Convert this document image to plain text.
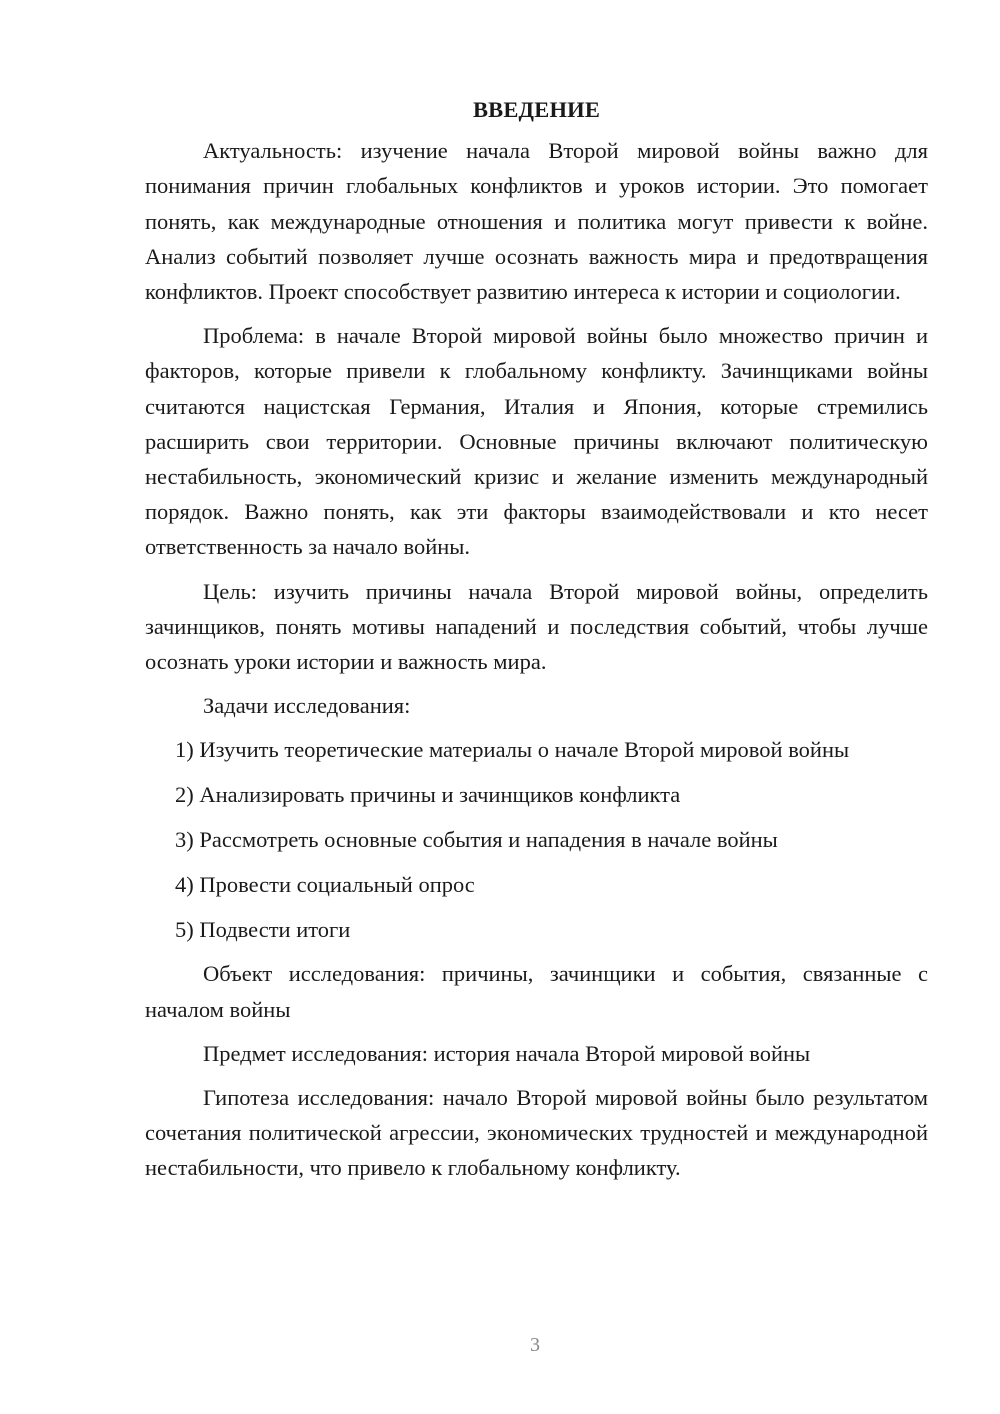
ВВЕДЕНИЕ

Актуальность: изучение начала Второй мировой войны важно для понимания причин глобальных конфликтов и уроков истории. Это помогает понять, как международные отношения и политика могут привести к войне. Анализ событий позволяет лучше осознать важность мира и предотвращения конфликтов. Проект способствует развитию интереса к истории и социологии.

Проблема: в начале Второй мировой войны было множество причин и факторов, которые привели к глобальному конфликту. Зачинщиками войны считаются нацистская Германия, Италия и Япония, которые стремились расширить свои территории. Основные причины включают политическую нестабильность, экономический кризис и желание изменить международный порядок. Важно понять, как эти факторы взаимодействовали и кто несет ответственность за начало войны.

Цель: изучить причины начала Второй мировой войны, определить зачинщиков, понять мотивы нападений и последствия событий, чтобы лучше осознать уроки истории и важность мира.

Задачи исследования:

1) Изучить теоретические материалы о начале Второй мировой войны
2) Анализировать причины и зачинщиков конфликта
3) Рассмотреть основные события и нападения в начале войны
4) Провести социальный опрос
5) Подвести итоги

Объект исследования: причины, зачинщики и события, связанные с началом войны

Предмет исследования: история начала Второй мировой войны

Гипотеза исследования: начало Второй мировой войны было результатом сочетания политической агрессии, экономических трудностей и международной нестабильности, что привело к глобальному конфликту.

3
